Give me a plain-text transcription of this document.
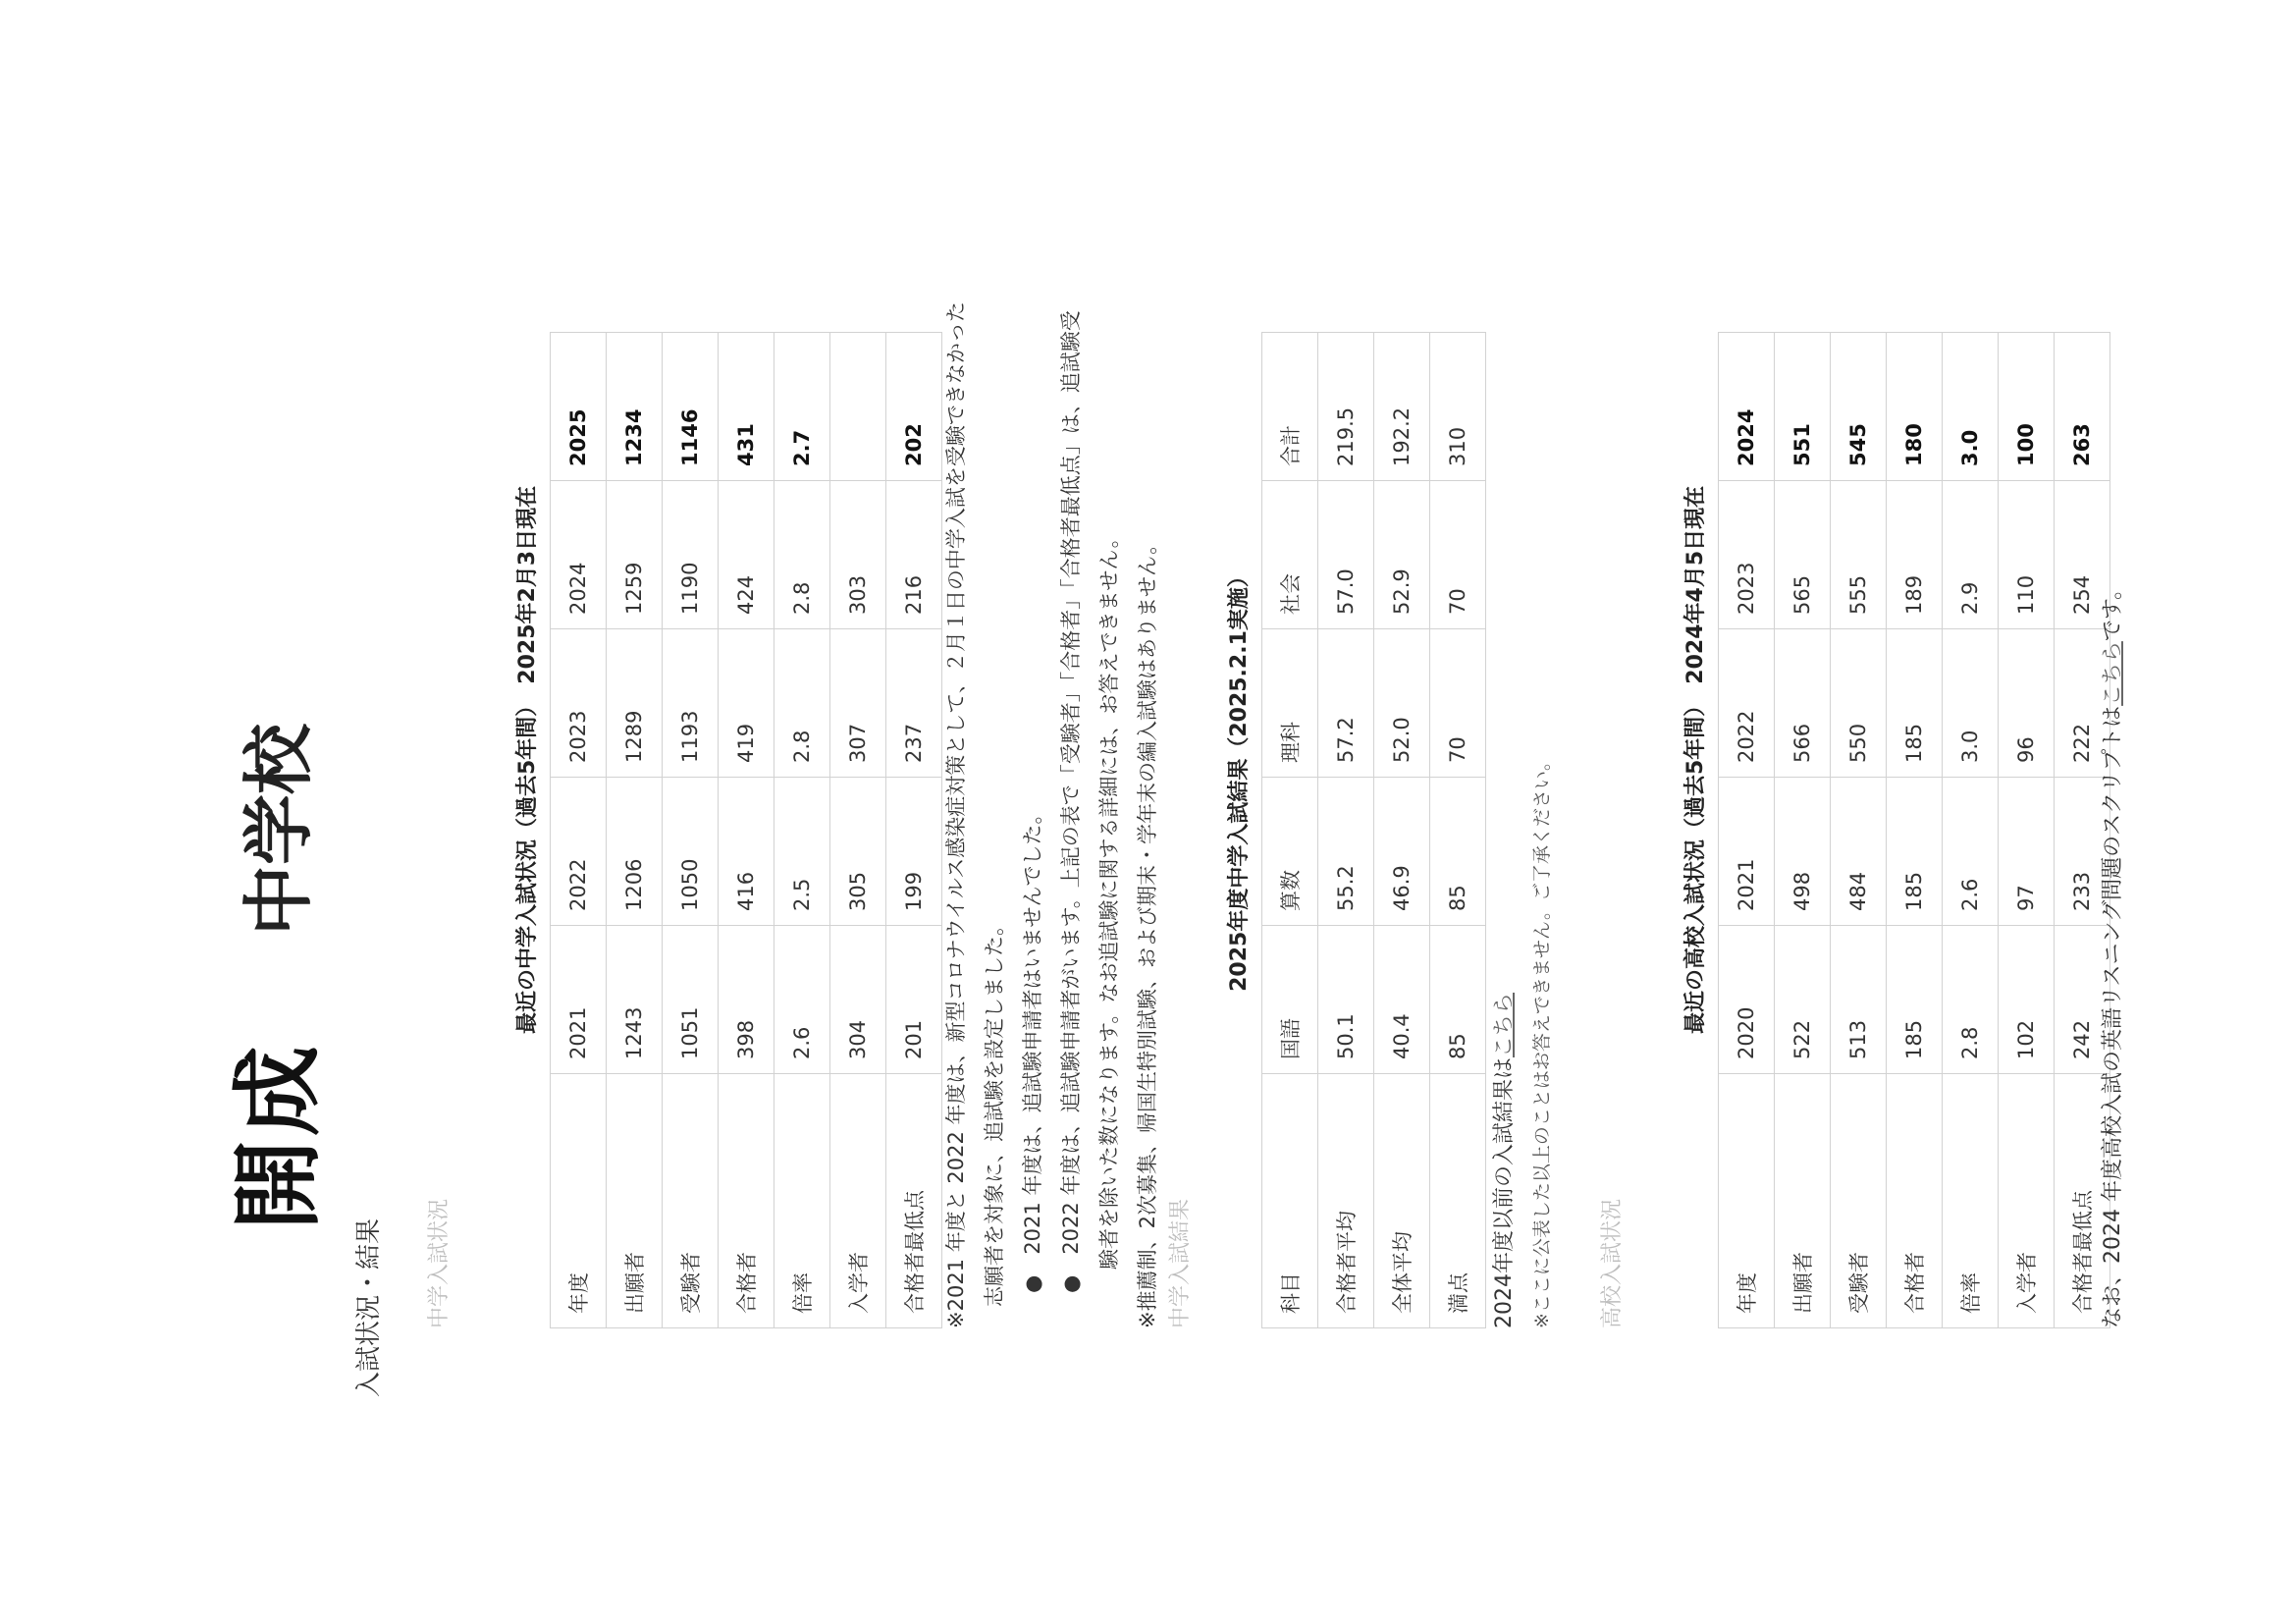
開成
中学校
入試状況・結果 中学入試状況
最近の中学入試状況（過去5年間）　2025年2月3日現在
年度	2021	2022	2023	2024	2025
出願者	1243	1206	1289	1259	1234
受験者	1051	1050	1193	1190	1146
合格者	398	416	419	424	431
倍率	2.6	2.5	2.8	2.8	2.7
入学者	304	305	307	303	
合格者最低点	201	199	237	216	202 ※2021 年度と 2022 年度は、新型コロナウイルス感染症対策として、２月１日の中学入試を受験できなかった 志願者を対象に、追試験を設定しました。 ●　2021 年度は、追試験申請者はいませんでした。 ●　2022 年度は、追試験申請者がいます。上記の表で「受験者」「合格者」「合格者最低点」は、追試験受 験者を除いた数になります。なお追試験に関する詳細には、お答えできません。 ※推薦制、2次募集、帰国生特別試験、および期末・学年末の編入試験はありません。 中学入試結果
2025年度中学入試結果（2025.2.1実施）
科目	国語	算数	理科	社会	合計
合格者平均	50.1	55.2	57.2	57.0	219.5
全体平均	40.4	46.9	52.0	52.9	192.2
満点	85	85	70	70	310
2024年度以前の入試結果はこちら ※ここに公表した以上のことはお答えできません。ご了承ください。 高校入試状況
最近の高校入試状況（過去5年間）　2024年4月5日現在
年度	2020	2021	2022	2023	2024
出願者	522	498	566	565	551
受験者	513	484	550	555	545
合格者	185	185	185	189	180
倍率	2.8	2.6	3.0	2.9	3.0
入学者	102	97	96	110	100
合格者最低点	242	233	222	254	263
なお、2024 年度高校入試の英語リスニング問題のスクリプトはこちらです。
